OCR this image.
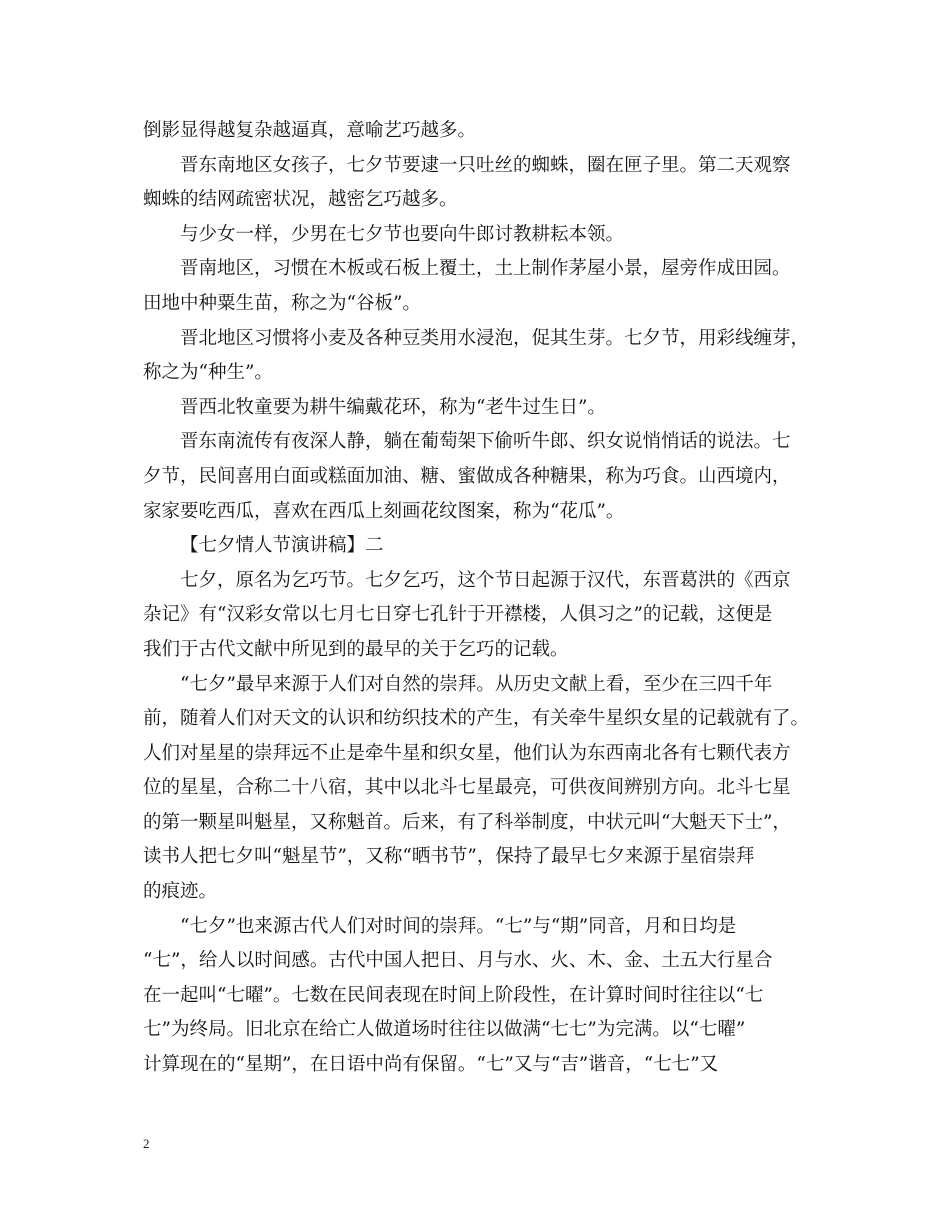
倒影显得越复杂越逼真，意喻艺巧越多。
晋东南地区女孩子，七夕节要逮一只吐丝的蜘蛛，圈在匣子里。第二天观察
蜘蛛的结网疏密状况，越密乞巧越多。
与少女一样，少男在七夕节也要向牛郎讨教耕耘本领。
晋南地区，习惯在木板或石板上覆土，土上制作茅屋小景，屋旁作成田园。
田地中种粟生苗，称之为“谷板”。
晋北地区习惯将小麦及各种豆类用水浸泡，促其生芽。七夕节，用彩线缠芽，
称之为“种生”。
晋西北牧童要为耕牛编戴花环，称为“老牛过生日”。
晋东南流传有夜深人静，躺在葡萄架下偷听牛郎、织女说悄悄话的说法。七
夕节，民间喜用白面或糕面加油、糖、蜜做成各种糖果，称为巧食。山西境内，
家家要吃西瓜，喜欢在西瓜上刻画花纹图案，称为“花瓜”。
【七夕情人节演讲稿】二
七夕，原名为乞巧节。七夕乞巧，这个节日起源于汉代，东晋葛洪的《西京
杂记》有“汉彩女常以七月七日穿七孔针于开襟楼，人俱习之”的记载，这便是
我们于古代文献中所见到的最早的关于乞巧的记载。
“七夕”最早来源于人们对自然的崇拜。从历史文献上看，至少在三四千年
前，随着人们对天文的认识和纺织技术的产生，有关牵牛星织女星的记载就有了。
人们对星星的崇拜远不止是牵牛星和织女星，他们认为东西南北各有七颗代表方
位的星星，合称二十八宿，其中以北斗七星最亮，可供夜间辨别方向。北斗七星
的第一颗星叫魁星，又称魁首。后来，有了科举制度，中状元叫“大魁天下士”，
读书人把七夕叫“魁星节”，又称“晒书节”，保持了最早七夕来源于星宿崇拜
的痕迹。
“七夕”也来源古代人们对时间的崇拜。“七”与“期”同音，月和日均是
“七”，给人以时间感。古代中国人把日、月与水、火、木、金、土五大行星合
在一起叫“七曜”。七数在民间表现在时间上阶段性，在计算时间时往往以“七
七”为终局。旧北京在给亡人做道场时往往以做满“七七”为完满。以“七曜”
计算现在的“星期”，在日语中尚有保留。“七”又与“吉”谐音，“七七”又
2
